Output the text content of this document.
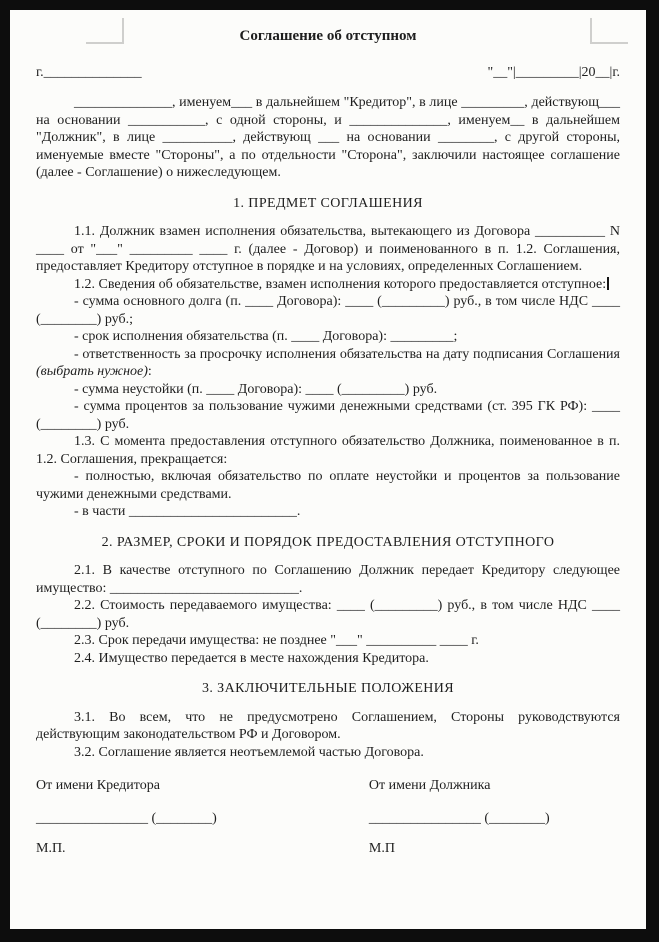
Соглашение об отступном

г.______________	"__"|_________|20__|г.

______________, именуем___ в дальнейшем "Кредитор", в лице _________, действующ___ на основании ___________, с одной стороны, и ______________, именуем__ в дальнейшем "Должник", в лице __________, действующ ___ на основании ________, с другой стороны, именуемые вместе "Стороны", а по отдельности "Сторона", заключили настоящее соглашение (далее - Соглашение) о нижеследующем.

1. ПРЕДМЕТ СОГЛАШЕНИЯ

1.1. Должник взамен исполнения обязательства, вытекающего из Договора __________ N ____ от "___" _________ ____ г. (далее - Договор) и поименованного в п. 1.2. Соглашения, предоставляет Кредитору отступное в порядке и на условиях, определенных Соглашением.

1.2. Сведения об обязательстве, взамен исполнения которого предоставляется отступное:

- сумма основного долга (п. ____ Договора): ____ (_________) руб., в том числе НДС ____ (________) руб.;

- срок исполнения обязательства (п. ____ Договора): _________;

- ответственность за просрочку исполнения обязательства на дату подписания Соглашения (выбрать нужное):

- сумма неустойки (п. ____ Договора): ____ (_________) руб.

- сумма процентов за пользование чужими денежными средствами (ст. 395 ГК РФ): ____ (________) руб.

1.3. С момента предоставления отступного обязательство Должника, поименованное в п. 1.2. Соглашения, прекращается:

- полностью, включая обязательство по оплате неустойки и процентов за пользование чужими денежными средствами.

- в части ________________________.

2. РАЗМЕР, СРОКИ И ПОРЯДОК ПРЕДОСТАВЛЕНИЯ ОТСТУПНОГО

2.1. В качестве отступного по Соглашению Должник передает Кредитору следующее имущество: ___________________________.

2.2. Стоимость передаваемого имущества: ____ (_________) руб., в том числе НДС ____ (________) руб.

2.3. Срок передачи имущества: не позднее "___" __________ ____ г.

2.4. Имущество передается в месте нахождения Кредитора.

3. ЗАКЛЮЧИТЕЛЬНЫЕ ПОЛОЖЕНИЯ

3.1. Во всем, что не предусмотрено Соглашением, Стороны руководствуются действующим законодательством РФ и Договором.

3.2. Соглашение является неотъемлемой частью Договора.

От имени Кредитора
________________ (________)
М.П.
От имени Должника
________________ (________)
М.П
